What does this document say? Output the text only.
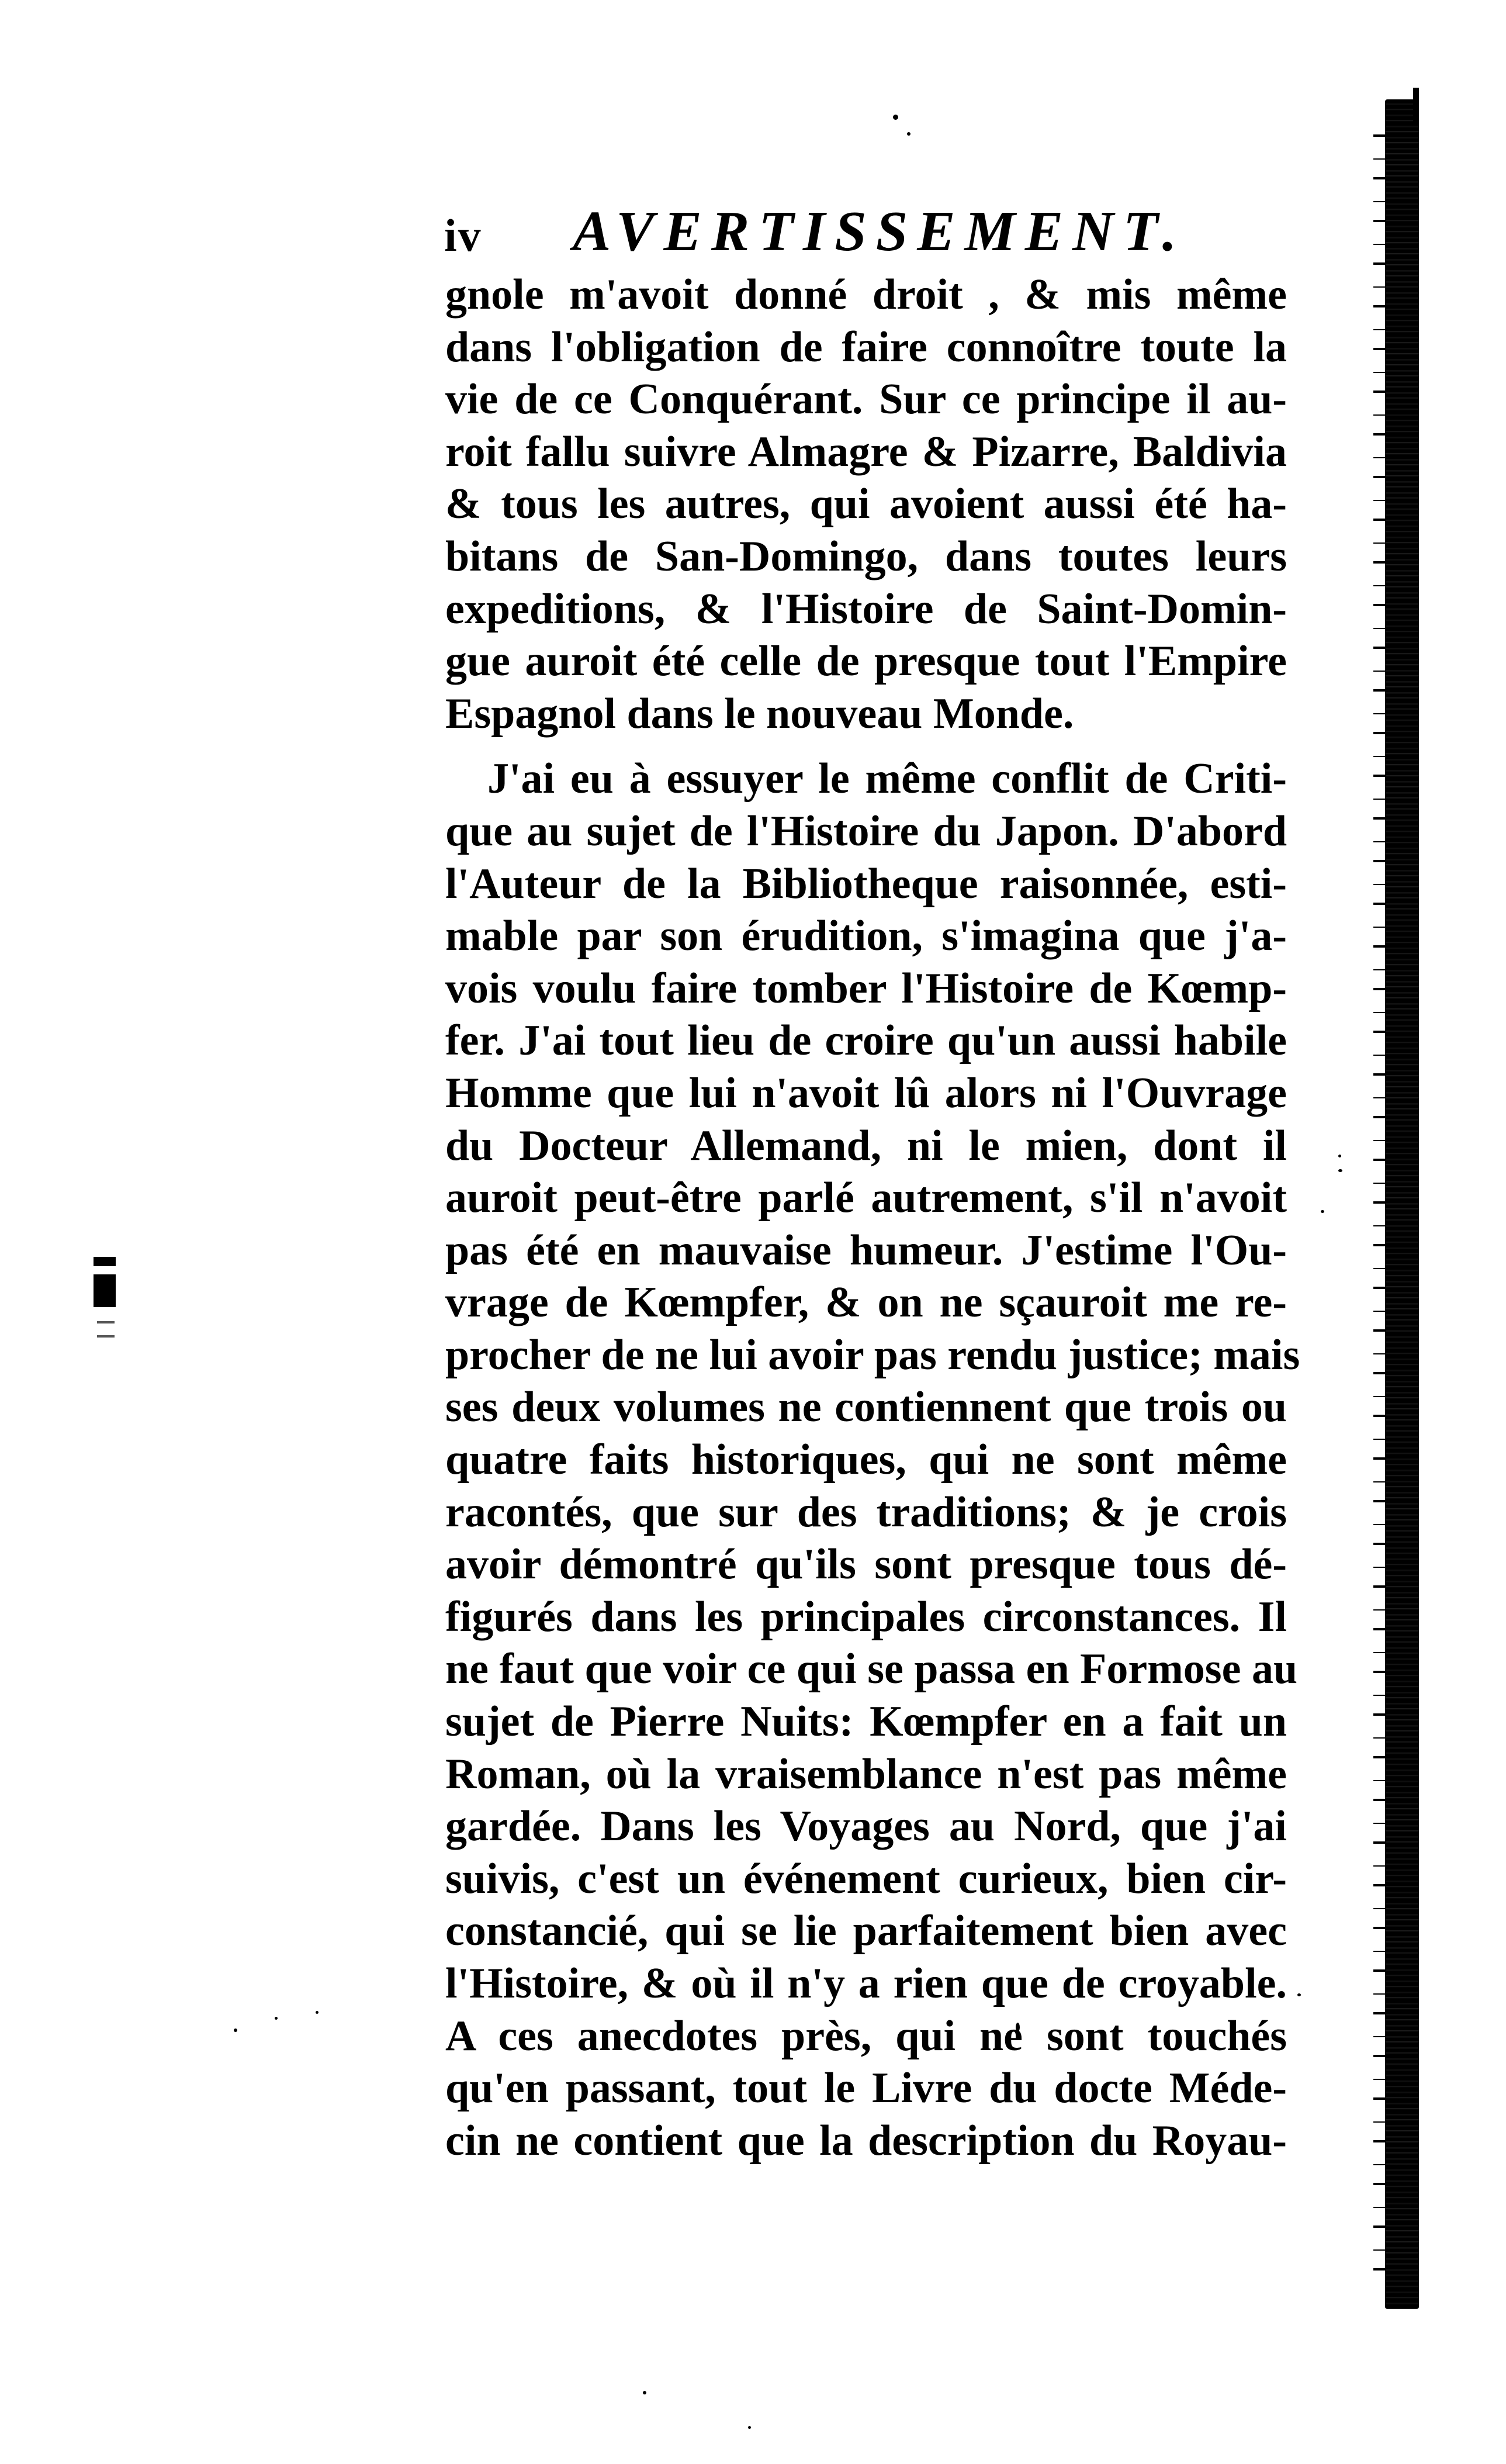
iv AVERTISSEMENT.
gnole m'avoit donné droit , & mis même
dans l'obligation de faire connoître toute la
vie de ce Conquérant. Sur ce principe il au-
roit fallu suivre Almagre & Pizarre, Baldivia
& tous les autres, qui avoient aussi été ha-
bitans de San-Domingo, dans toutes leurs
expeditions, & l'Histoire de Saint-Domin-
gue auroit été celle de presque tout l'Empire
Espagnol dans le nouveau Monde.
J'ai eu à essuyer le même conflit de Criti-
que au sujet de l'Histoire du Japon. D'abord
l'Auteur de la Bibliotheque raisonnée, esti-
mable par son érudition, s'imagina que j'a-
vois voulu faire tomber l'Histoire de Kœmp-
fer. J'ai tout lieu de croire qu'un aussi habile
Homme que lui n'avoit lû alors ni l'Ouvrage
du Docteur Allemand, ni le mien, dont il
auroit peut-être parlé autrement, s'il n'avoit
pas été en mauvaise humeur. J'estime l'Ou-
vrage de Kœmpfer, & on ne sçauroit me re-
procher de ne lui avoir pas rendu justice; mais
ses deux volumes ne contiennent que trois ou
quatre faits historiques, qui ne sont même
racontés, que sur des traditions; & je crois
avoir démontré qu'ils sont presque tous dé-
figurés dans les principales circonstances. Il
ne faut que voir ce qui se passa en Formose au
sujet de Pierre Nuits: Kœmpfer en a fait un
Roman, où la vraisemblance n'est pas même
gardée. Dans les Voyages au Nord, que j'ai
suivis, c'est un événement curieux, bien cir-
constancié, qui se lie parfaitement bien avec
l'Histoire, & où il n'y a rien que de croyable.
A ces anecdotes près, qui ne sont touchés
qu'en passant, tout le Livre du docte Méde-
cin ne contient que la description du Royau-
